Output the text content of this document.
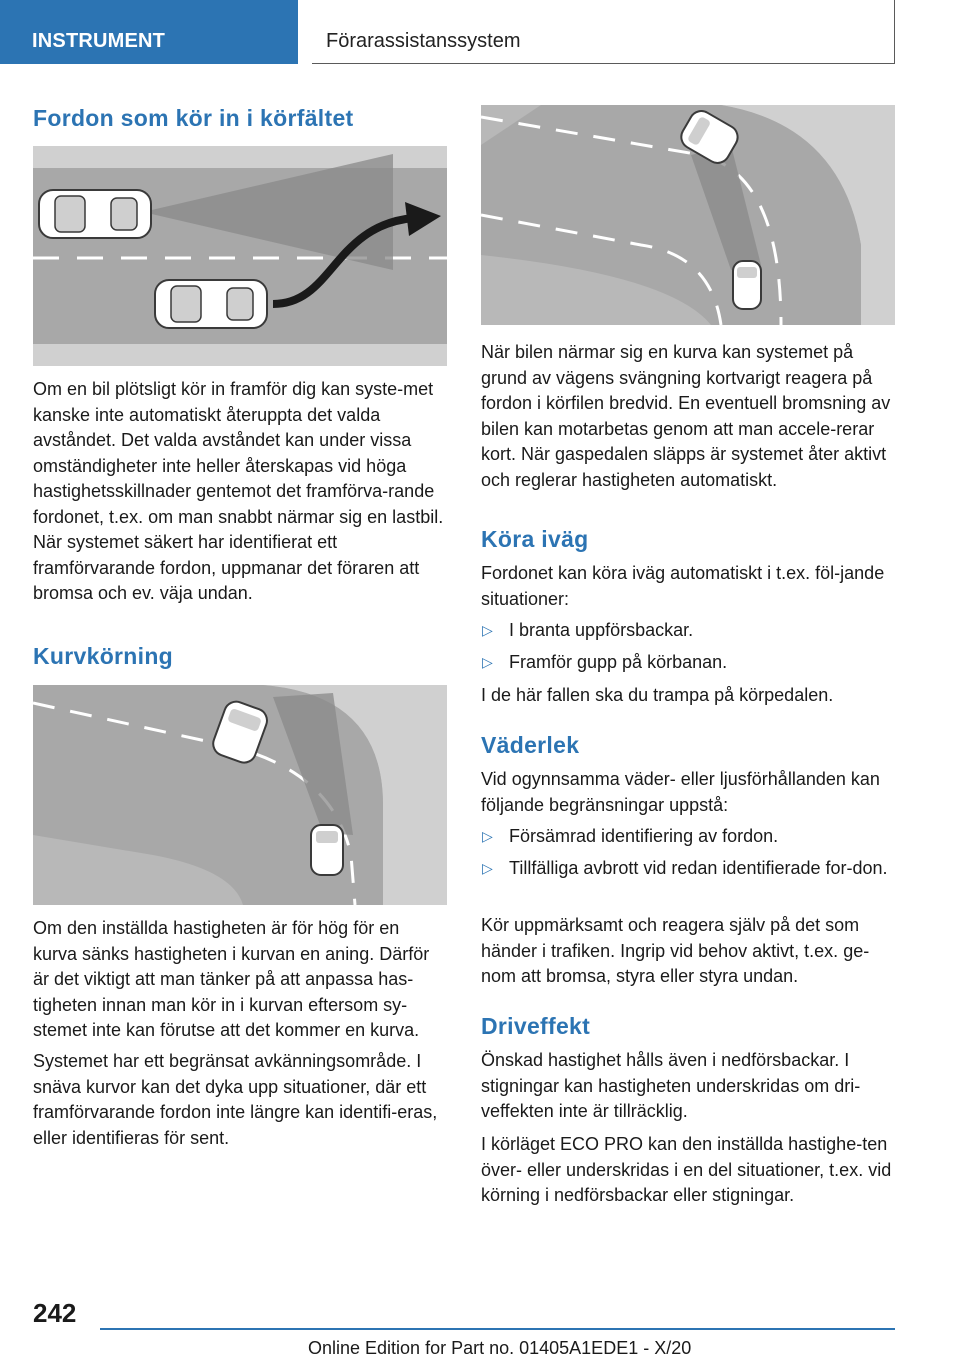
INSTRUMENT	Förarassistanssystem
Fordon som kör in i körfältet
Om en bil plötsligt kör in framför dig kan syste‐met kanske inte automatiskt återuppta det valda avståndet. Det valda avståndet kan under vissa omständigheter inte heller återskapas vid höga hastighetsskillnader gentemot det framförva‐rande fordonet, t.ex. om man snabbt närmar sig en lastbil. När systemet säkert har identifierat ett framförvarande fordon, uppmanar det föraren att bromsa och ev. väja undan.
Kurvkörning
Om den inställda hastigheten är för hög för en kurva sänks hastigheten i kurvan en aning. Därför är det viktigt att man tänker på att anpassa has‐tigheten innan man kör in i kurvan eftersom sy‐stemet inte kan förutse att det kommer en kurva.
Systemet har ett begränsat avkänningsområde. I snäva kurvor kan det dyka upp situationer, där ett framförvarande fordon inte längre kan identifi‐eras, eller identifieras för sent.
När bilen närmar sig en kurva kan systemet på grund av vägens svängning kortvarigt reagera på fordon i körfilen bredvid. En eventuell bromsning av bilen kan motarbetas genom att man accele‐rerar kort. När gaspedalen släpps är systemet åter aktivt och reglerar hastigheten automatiskt.
Köra iväg
Fordonet kan köra iväg automatiskt i t.ex. föl‐jande situationer:
▷ I branta uppförsbackar.
▷ Framför gupp på körbanan.
I de här fallen ska du trampa på körpedalen.
Väderlek
Vid ogynnsamma väder- eller ljusförhållanden kan följande begränsningar uppstå:
▷ Försämrad identifiering av fordon.
▷ Tillfälliga avbrott vid redan identifierade for‐don.
Kör uppmärksamt och reagera själv på det som händer i trafiken. Ingrip vid behov aktivt, t.ex. ge‐nom att bromsa, styra eller styra undan.
Driveffekt
Önskad hastighet hålls även i nedförsbackar. I stigningar kan hastigheten underskridas om dri‐veffekten inte är tillräcklig.
I körläget ECO PRO kan den inställda hastighe‐ten över- eller underskridas i en del situationer, t.ex. vid körning i nedförsbackar eller stigningar.
242
Online Edition for Part no. 01405A1EDE1 - X/20
